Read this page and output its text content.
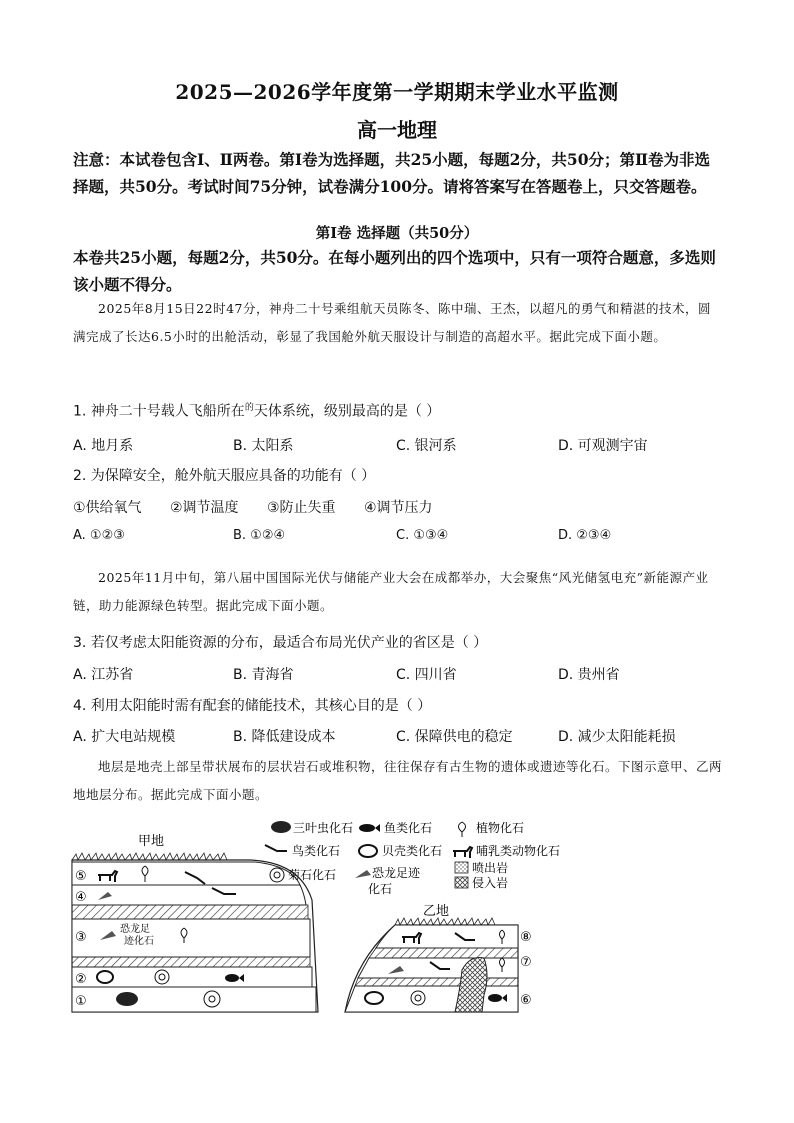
2025—2026学年度第一学期期末学业水平监测
高一地理
注意：本试卷包含Ⅰ、Ⅱ两卷。第Ⅰ卷为选择题，共25小题，每题2分，共50分；第Ⅱ卷为非选择题，共50分。考试时间75分钟，试卷满分100分。请将答案写在答题卷上，只交答题卷。
第Ⅰ卷 选择题（共50分）
本卷共25小题，每题2分，共50分。在每小题列出的四个选项中，只有一项符合题意，多选则该小题不得分。
2025年8月15日22时47分，神舟二十号乘组航天员陈冬、陈中瑞、王杰，以超凡的勇气和精湛的技术，圆满完成了长达6.5小时的出舱活动，彰显了我国舱外航天服设计与制造的高超水平。据此完成下面小题。
1. 神舟二十号载人飞船所在$^的$天体系统，级别最高的是（ ）
A. 地月系	B. 太阳系	C. 银河系	D. 可观测宇宙
2. 为保障安全，舱外航天服应具备的功能有（ ）
①供给氧气 ②调节温度 ③防止失重 ④调节压力
A. ①②③	B. ①②④	C. ①③④	D. ②③④
2025年11月中旬，第八届中国国际光伏与储能产业大会在成都举办，大会聚焦“风光储氢电充”新能源产业链，助力能源绿色转型。据此完成下面小题。
3. 若仅考虑太阳能资源的分布，最适合布局光伏产业的省区是（ ）
A. 江苏省	B. 青海省	C. 四川省	D. 贵州省
4. 利用太阳能时需有配套的储能技术，其核心目的是（ ）
A. 扩大电站规模	B. 降低建设成本	C. 保障供电的稳定	D. 减少太阳能耗损
地层是地壳上部呈带状展布的层状岩石或堆积物，往往保存有古生物的遗体或遗迹等化石。下图示意甲、乙两地地层分布。据此完成下面小题。
甲地
⑤
④
③
②
①
恐龙足
迹化石
乙地
⑧
⑦
⑥
三叶虫化石	鱼类化石	植物化石
鸟类化石	贝壳类化石	哺乳类动物化石
菊石化石	恐龙足迹
化石
喷出岩
侵入岩
